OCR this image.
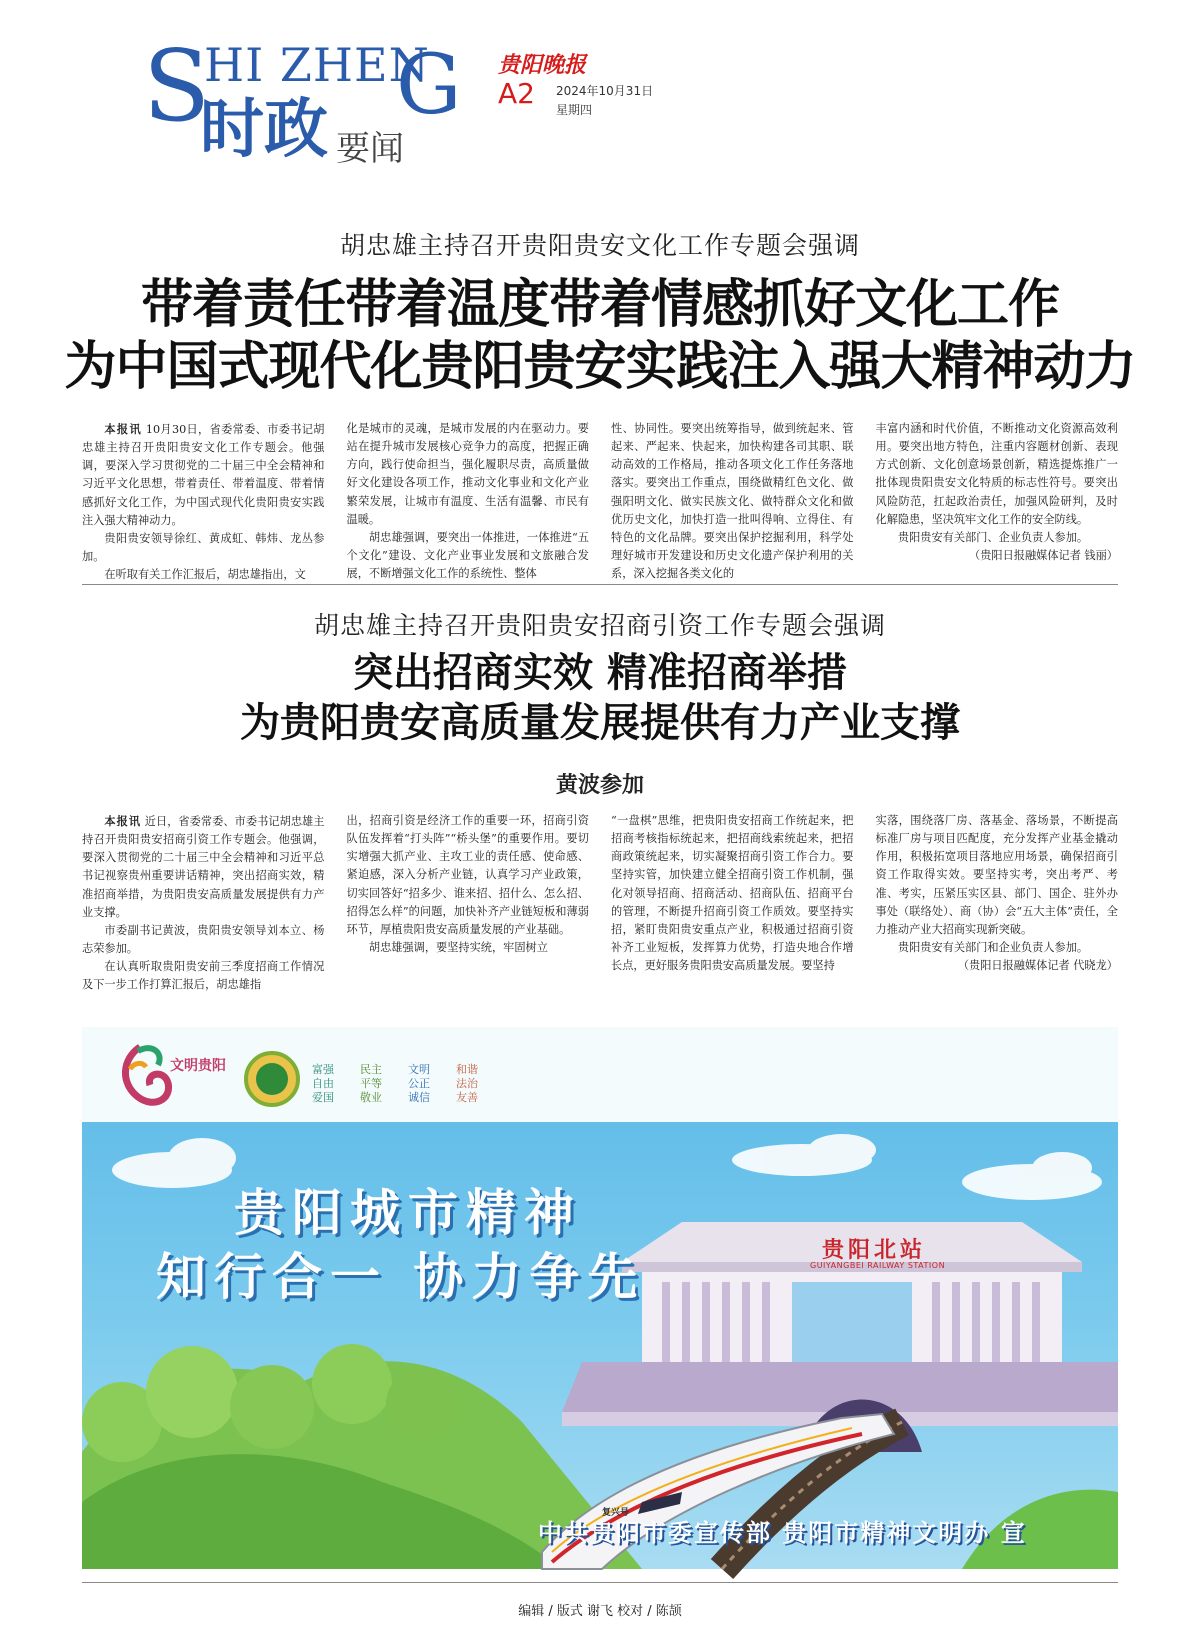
S
HI ZHEN
G
时政 要闻
贵阳晚报
A2 2024年10月31日
星期四
胡忠雄主持召开贵阳贵安文化工作专题会强调
带着责任带着温度带着情感抓好文化工作
为中国式现代化贵阳贵安实践注入强大精神动力

本报讯 10月30日，省委常委、市委书记胡忠雄主持召开贵阳贵安文化工作专题会。他强调，要深入学习贯彻党的二十届三中全会精神和习近平文化思想，带着责任、带着温度、带着情感抓好文化工作，为中国式现代化贵阳贵安实践注入强大精神动力。

贵阳贵安领导徐红、黄成虹、韩炜、龙丛参加。

在听取有关工作汇报后，胡忠雄指出，文

化是城市的灵魂，是城市发展的内在驱动力。要站在提升城市发展核心竞争力的高度，把握正确方向，践行使命担当，强化履职尽责，高质量做好文化建设各项工作，推动文化事业和文化产业繁荣发展，让城市有温度、生活有温馨、市民有温暖。

胡忠雄强调，要突出一体推进，一体推进“五个文化”建设、文化产业事业发展和文旅融合发展，不断增强文化工作的系统性、整体

性、协同性。要突出统筹指导，做到统起来、管起来、严起来、快起来，加快构建各司其职、联动高效的工作格局，推动各项文化工作任务落地落实。要突出工作重点，围绕做精红色文化、做强阳明文化、做实民族文化、做特群众文化和做优历史文化，加快打造一批叫得响、立得住、有特色的文化品牌。要突出保护挖掘利用，科学处理好城市开发建设和历史文化遗产保护利用的关系，深入挖掘各类文化的

丰富内涵和时代价值，不断推动文化资源高效利用。要突出地方特色，注重内容题材创新、表现方式创新、文化创意场景创新，精选提炼推广一批体现贵阳贵安文化特质的标志性符号。要突出风险防范，扛起政治责任，加强风险研判，及时化解隐患，坚决筑牢文化工作的安全防线。

贵阳贵安有关部门、企业负责人参加。

（贵阳日报融媒体记者 钱丽）

胡忠雄主持召开贵阳贵安招商引资工作专题会强调
突出招商实效 精准招商举措
为贵阳贵安高质量发展提供有力产业支撑
黄波参加

本报讯 近日，省委常委、市委书记胡忠雄主持召开贵阳贵安招商引资工作专题会。他强调，要深入贯彻党的二十届三中全会精神和习近平总书记视察贵州重要讲话精神，突出招商实效，精准招商举措，为贵阳贵安高质量发展提供有力产业支撑。

市委副书记黄波，贵阳贵安领导刘本立、杨志荣参加。

在认真听取贵阳贵安前三季度招商工作情况及下一步工作打算汇报后，胡忠雄指

出，招商引资是经济工作的重要一环，招商引资队伍发挥着“打头阵”“桥头堡”的重要作用。要切实增强大抓产业、主攻工业的责任感、使命感、紧迫感，深入分析产业链，认真学习产业政策，切实回答好“招多少、谁来招、招什么、怎么招、招得怎么样”的问题，加快补齐产业链短板和薄弱环节，厚植贵阳贵安高质量发展的产业基础。

胡忠雄强调，要坚持实统，牢固树立

“一盘棋”思维，把贵阳贵安招商工作统起来，把招商考核指标统起来，把招商线索统起来，把招商政策统起来，切实凝聚招商引资工作合力。要坚持实管，加快建立健全招商引资工作机制，强化对领导招商、招商活动、招商队伍、招商平台的管理，不断提升招商引资工作质效。要坚持实招，紧盯贵阳贵安重点产业，积极通过招商引资补齐工业短板，发挥算力优势，打造央地合作增长点，更好服务贵阳贵安高质量发展。要坚持

实落，围绕落厂房、落基金、落场景，不断提高标准厂房与项目匹配度，充分发挥产业基金撬动作用，积极拓宽项目落地应用场景，确保招商引资工作取得实效。要坚持实考，突出考严、考准、考实，压紧压实区县、部门、国企、驻外办事处（联络处）、商（协）会“五大主体”责任，全力推动产业大招商实现新突破。

贵阳贵安有关部门和企业负责人参加。

（贵阳日报融媒体记者 代晓龙）

文明贵阳	富强	民主	文明	和谐
自由	平等	公正	法治
爱国	敬业	诚信	友善
贵阳城市精神
知行合一 协力争先	贵阳北站
GUIYANGBEI RAILWAY STATION
复兴号
中共贵阳市委宣传部 贵阳市精神文明办 宣
编辑 / 版式 谢飞 校对 / 陈颉
